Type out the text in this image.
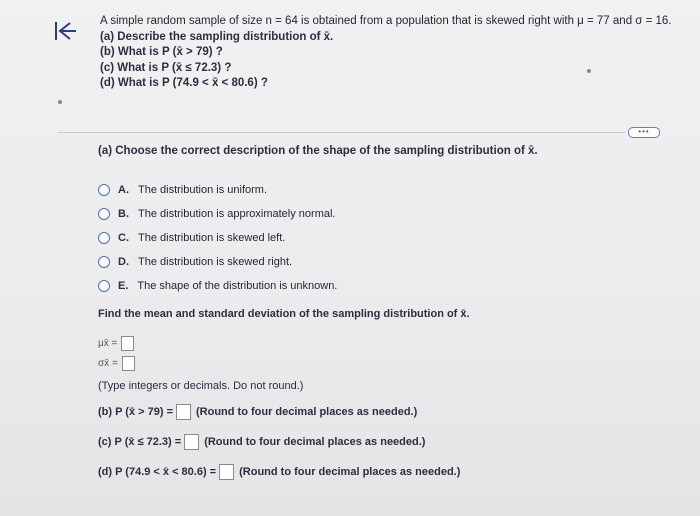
A simple random sample of size n = 64 is obtained from a population that is skewed right with μ = 77 and σ = 16.
(a) Describe the sampling distribution of x̄.
(b) What is P (x̄ > 79) ?
(c) What is P (x̄ ≤ 72.3) ?
(d) What is P (74.9 < x̄ < 80.6) ?
•••
(a) Choose the correct description of the shape of the sampling distribution of x̄.
A. The distribution is uniform.
B. The distribution is approximately normal.
C. The distribution is skewed left.
D. The distribution is skewed right.
E. The shape of the distribution is unknown.
Find the mean and standard deviation of the sampling distribution of x̄.
μx̄ =
σx̄ =
(Type integers or decimals. Do not round.)
(b) P (x̄ > 79) = (Round to four decimal places as needed.)
(c) P (x̄ ≤ 72.3) = (Round to four decimal places as needed.)
(d) P (74.9 < x̄ < 80.6) = (Round to four decimal places as needed.)
